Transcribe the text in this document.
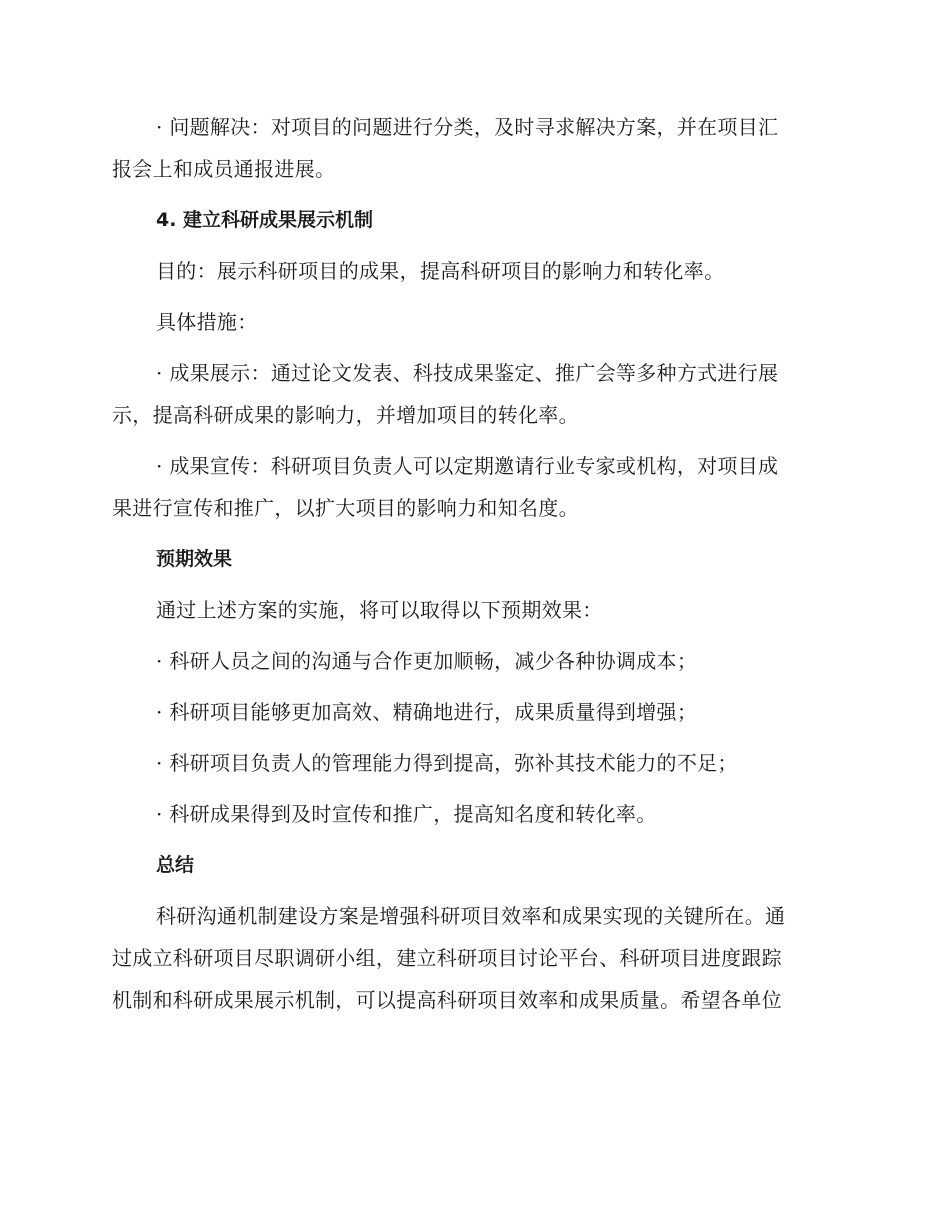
· 问题解决：对项目的问题进行分类，及时寻求解决方案，并在项目汇
报会上和成员通报进展。
4. 建立科研成果展示机制
目的：展示科研项目的成果，提高科研项目的影响力和转化率。
具体措施：
· 成果展示：通过论文发表、科技成果鉴定、推广会等多种方式进行展
示，提高科研成果的影响力，并增加项目的转化率。
· 成果宣传：科研项目负责人可以定期邀请行业专家或机构，对项目成
果进行宣传和推广，以扩大项目的影响力和知名度。
预期效果
通过上述方案的实施，将可以取得以下预期效果：
· 科研人员之间的沟通与合作更加顺畅，减少各种协调成本；
· 科研项目能够更加高效、精确地进行，成果质量得到增强；
· 科研项目负责人的管理能力得到提高，弥补其技术能力的不足；
· 科研成果得到及时宣传和推广，提高知名度和转化率。
总结
科研沟通机制建设方案是增强科研项目效率和成果实现的关键所在。通
过成立科研项目尽职调研小组，建立科研项目讨论平台、科研项目进度跟踪
机制和科研成果展示机制，可以提高科研项目效率和成果质量。希望各单位
